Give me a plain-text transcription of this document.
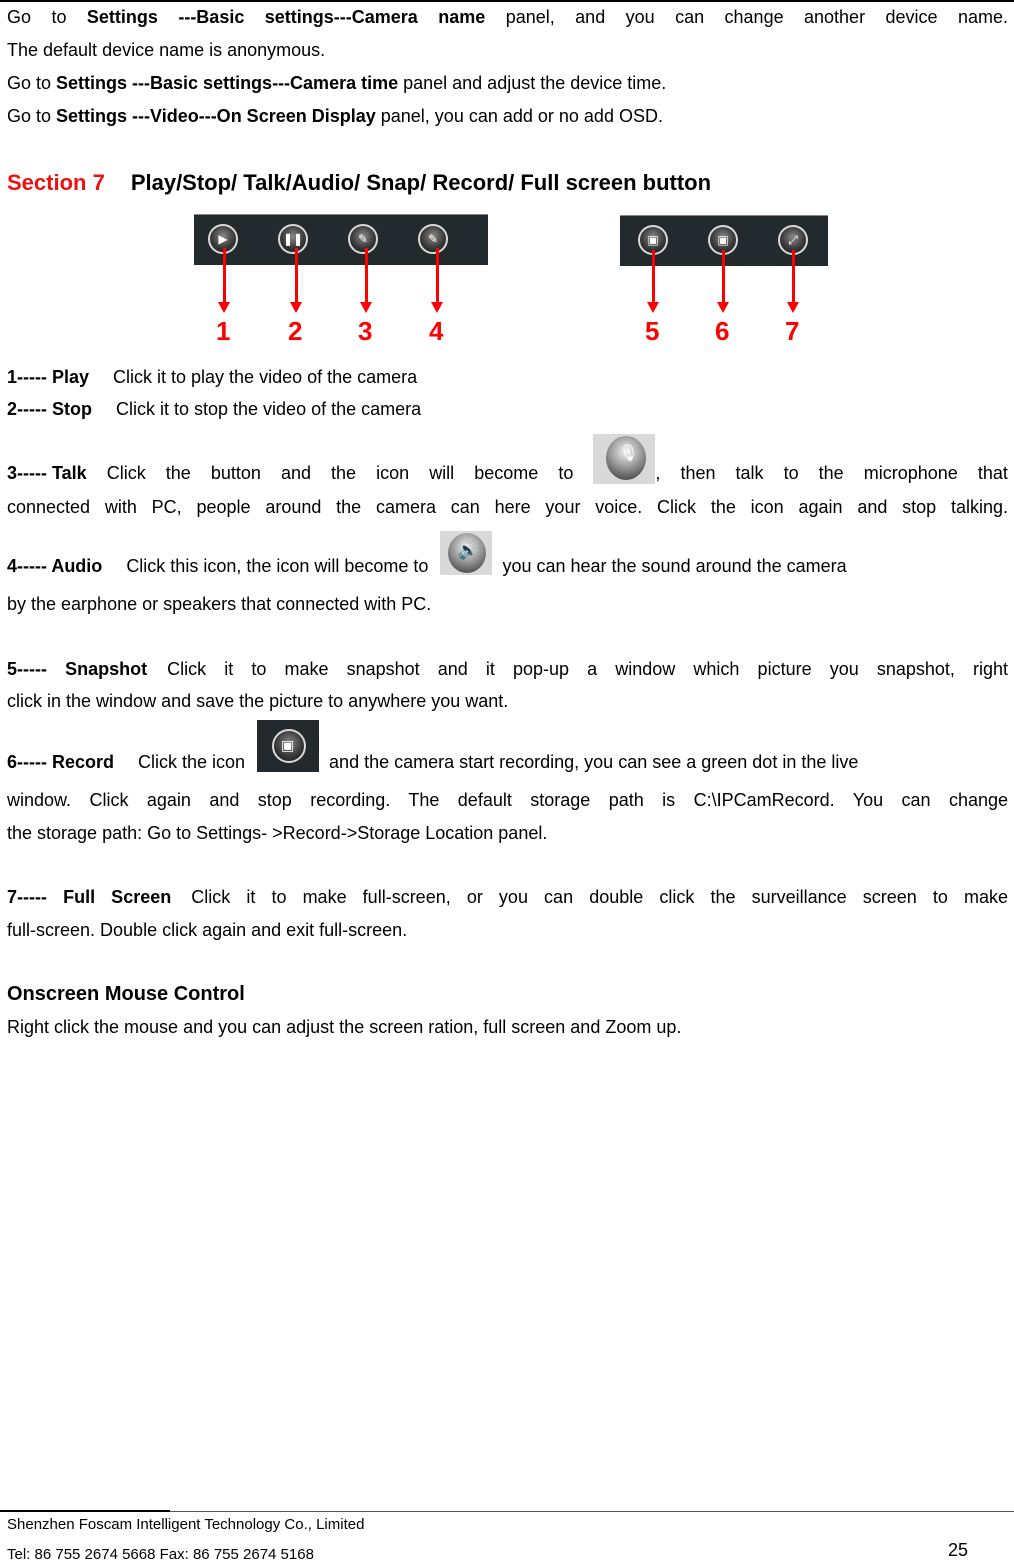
Go to Settings ---Basic settings---Camera name panel, and you can change another device name.
The default device name is anonymous.
Go to Settings ---Basic settings---Camera time panel and adjust the device time.
Go to Settings ---Video---On Screen Display panel, you can add or no add OSD.
Section 7 Play/Stop/ Talk/Audio/ Snap/ Record/ Full screen button
▶	❚❚	✎	✎
1 2 3 4
▣	▣	⤢
5 6 7
1----- Play Click it to play the video of the camera
2----- Stop Click it to stop the video of the camera
3----- Talk Click the button and the icon will become to
🎙
, then talk to the microphone that
connected with PC, people around the camera can here your voice. Click the icon again and stop talking.
4----- Audio Click this icon, the icon will become to
🔊
you can hear the sound around the camera
by the earphone or speakers that connected with PC.
5----- Snapshot Click it to make snapshot and it pop-up a window which picture you snapshot, right
click in the window and save the picture to anywhere you want.
6----- Record Click the icon
▣
and the camera start recording, you can see a green dot in the live
window. Click again and stop recording. The default storage path is C:\IPCamRecord. You can change
the storage path: Go to Settings- >Record->Storage Location panel.
7----- Full Screen Click it to make full-screen, or you can double click the surveillance screen to make
full-screen. Double click again and exit full-screen.
Onscreen Mouse Control
Right click the mouse and you can adjust the screen ration, full screen and Zoom up.
Shenzhen Foscam Intelligent Technology Co., Limited
Tel: 86 755 2674 5668 Fax: 86 755 2674 5168	25
